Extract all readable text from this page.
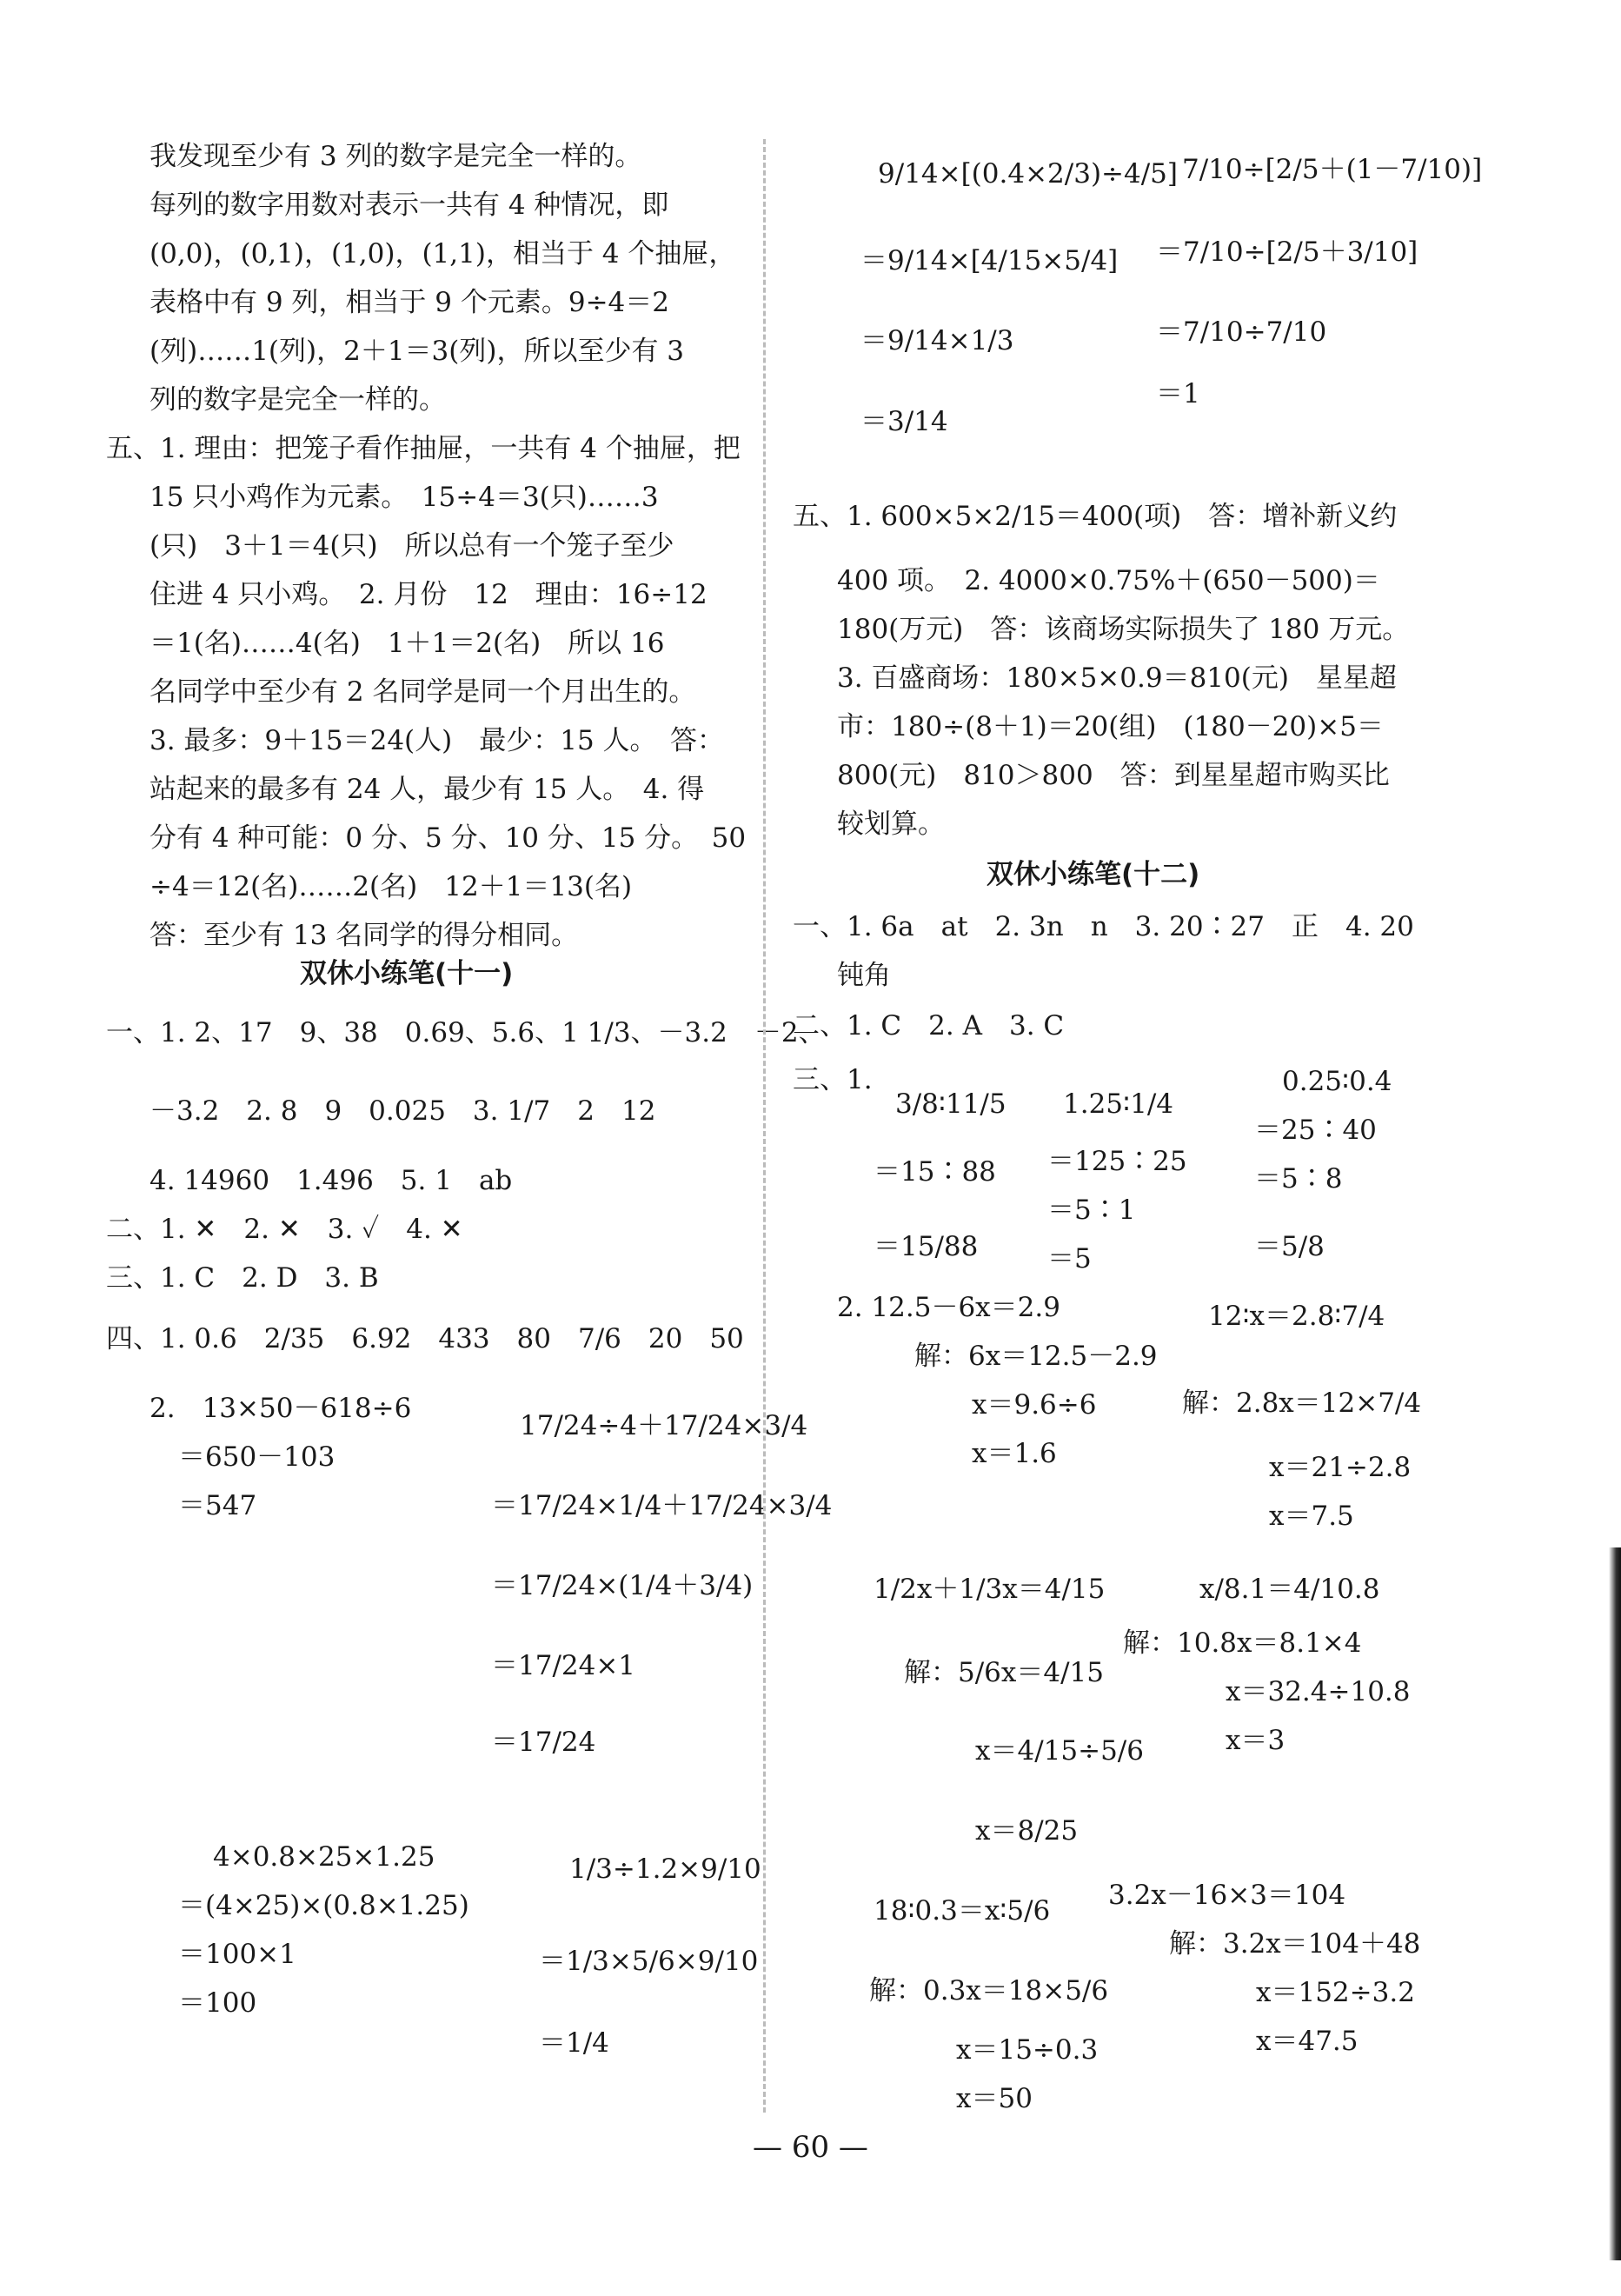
我发现至少有 3 列的数字是完全一样的。
每列的数字用数对表示一共有 4 种情况，即
(0,0)，(0,1)，(1,0)，(1,1)，相当于 4 个抽屉，
表格中有 9 列，相当于 9 个元素。9÷4＝2
(列)……1(列)，2＋1＝3(列)，所以至少有 3
列的数字是完全一样的。
五、1. 理由：把笼子看作抽屉，一共有 4 个抽屉，把
15 只小鸡作为元素。　15÷4＝3(只)……3
(只)　3＋1＝4(只)　所以总有一个笼子至少
住进 4 只小鸡。　2. 月份　12　理由：16÷12
＝1(名)……4(名)　1＋1＝2(名)　所以 16
名同学中至少有 2 名同学是同一个月出生的。
3. 最多：9＋15＝24(人)　最少：15 人。　答：
站起来的最多有 24 人，最少有 15 人。　4. 得
分有 4 种可能：0 分、5 分、10 分、15 分。　50
÷4＝12(名)……2(名)　12＋1＝13(名)
答：至少有 13 名同学的得分相同。
双休小练笔(十一)
一、1. 2、17　9、38　0.69、5.6、1 1/3、－3.2　－2、
－3.2　2. 8　9　0.025　3. 1/7　2　12
4. 14960　1.496　5. 1　ab
二、1. ✕　2. ✕　3. ✓　4. ✕
三、1. C　2. D　3. B
四、1. 0.6　2/35　6.92　433　80　7/6　20　50
2.　13×50－618÷6
＝650－103
＝547
17/24÷4＋17/24×3/4
＝17/24×1/4＋17/24×3/4
＝17/24×(1/4＋3/4)
＝17/24×1
＝17/24
4×0.8×25×1.25
＝(4×25)×(0.8×1.25)
＝100×1
＝100
1/3÷1.2×9/10
＝1/3×5/6×9/10
＝1/4
9/14×[(0.4×2/3)÷4/5] 7/10÷[2/5＋(1－7/10)]
＝9/14×[4/15×5/4] ＝7/10÷[2/5＋3/10]
＝9/14×1/3	＝7/10÷7/10
＝3/14
＝1
五、1. 600×5×2/15＝400(项)　答：增补新义约
400 项。　2. 4000×0.75%＋(650－500)＝
180(万元)　答：该商场实际损失了 180 万元。
3. 百盛商场：180×5×0.9＝810(元)　星星超
市：180÷(8＋1)＝20(组)　(180－20)×5＝
800(元)　810＞800　答：到星星超市购买比
较划算。
双休小练笔(十二)
一、1. 6a　at　2. 3n　n　3. 20∶27　正　4. 20
钝角
二、1. C　2. A　3. C
三、1.
3/8∶11/5
＝15∶88
＝15/88
1.25∶1/4
＝125∶25
＝5∶1
＝5
0.25∶0.4
＝25∶40
＝5∶8
＝5/8
2. 12.5－6x＝2.9
解：6x＝12.5－2.9
x＝9.6÷6
x＝1.6
12∶x＝2.8∶7/4
解：2.8x＝12×7/4
x＝21÷2.8
x＝7.5
1/2x＋1/3x＝4/15
解：5/6x＝4/15
x＝4/15÷5/6
x＝8/25
x/8.1＝4/10.8
解：10.8x＝8.1×4
x＝32.4÷10.8
x＝3
18∶0.3＝x∶5/6
解：0.3x＝18×5/6
x＝15÷0.3
x＝50
3.2x－16×3＝104
解：3.2x＝104＋48
x＝152÷3.2
x＝47.5
— 60 —
